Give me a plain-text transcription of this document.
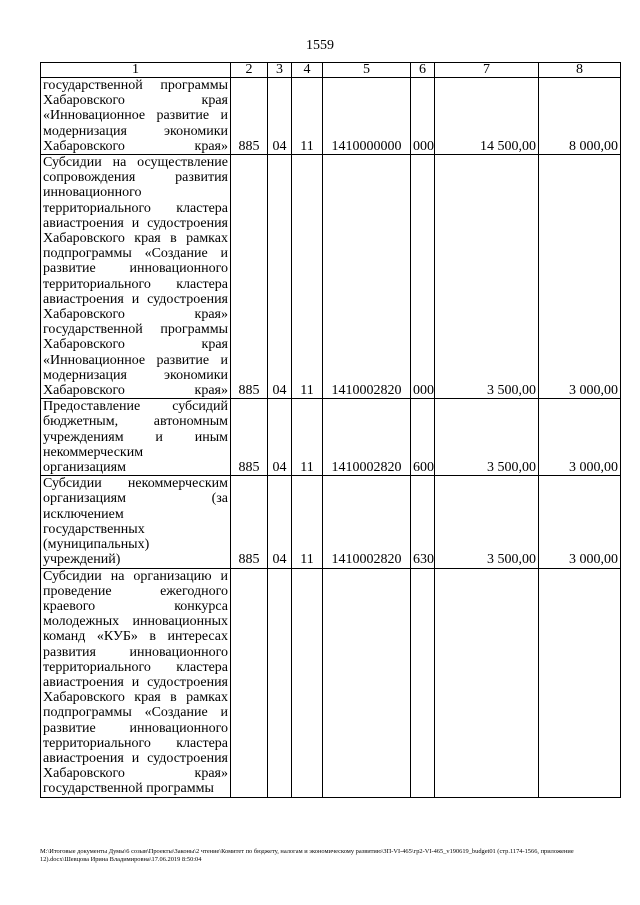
1559
1	2	3	4	5	6	7	8
государственной программы Хабаровского края «Инновационное развитие и модернизация экономики Хабаровского края»	885	04	11	1410000000	000	14 500,00	8 000,00
Субсидии на осуществление сопровождения развития инновационного территориального кластера авиастроения и судостроения Хабаровского края в рамках подпрограммы «Создание и развитие инновационного территориального кластера авиастроения и судостроения Хабаровского края» государственной программы Хабаровского края «Инновационное развитие и модернизация экономики Хабаровского края»	885	04	11	1410002820	000	3 500,00	3 000,00
Предоставление субсидий бюджетным, автономным учреждениям и иным некоммерческим организациям	885	04	11	1410002820	600	3 500,00	3 000,00
Субсидии некоммерческим организациям (за исключением государственных (муниципальных) учреждений)	885	04	11	1410002820	630	3 500,00	3 000,00
Субсидии на организацию и проведение ежегодного краевого конкурса молодежных инновационных команд «КУБ» в интересах развития инновационного территориального кластера авиастроения и судостроения Хабаровского края в рамках подпрограммы «Создание и развитие инновационного территориального кластера авиастроения и судостроения Хабаровского края» государственной программы							
M:\Итоговые документы Думы\6 созыв\Проекты\Законы\2 чтение\Комитет по бюджету, налогам и экономическому развитию\ЗП-VI-465\гр2-VI-465_v190619_budget01 (стр.1174-1566, приложение 12).docx\Шевцова Ирина Владимировна\17.06.2019 8:50:04
